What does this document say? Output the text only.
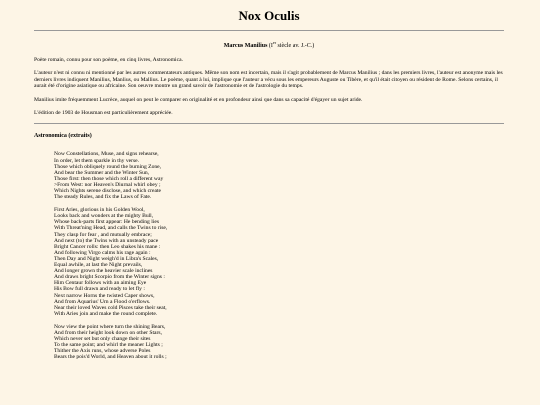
Nox Oculis
Marcus Manilius (Ier siècle av. J.-C.)

Poète romain, connu pour son poème, en cinq livres, Astronomica.

L'auteur n'est ni connu ni mentionné par les autres commentateurs antiques. Même son nom est incertain, mais il s'agit probablement de Marcus Manilius ; dans les premiers livres, l'auteur est anonyme mais les derniers livres indiquent Manilius, Manlius, ou Mallius. Le poème, quant à lui, implique que l'auteur a vécu sous les empereurs Auguste ou Tibère, et qu'il était citoyen ou résident de Rome. Selons certains, il aurait été d'origine asiatique ou africaine. Son oeuvre montre un grand savoir de l'astronomie et de l'astrologie du temps.

Manilius imite fréquemment Lucrèce, auquel on peut le comparer en originalité et en profondeur ainsi que dans sa capacité d'égayer un sujet aride.

L'édition de 1903 de Housman est particulièrement appréciée.

Astronomica (extraits)
Now Constellations, Muse, and signs rehearse,
In order, let them sparkle in thy verse.
Those which obliquely round the burning Zone,
And bear the Summer and the Winter Sun,
Those first: then those which roll a different way
>From West: nor Heaven's Diurnal whirl obey ;
Which Nights serene disclose, and which create
The steady Rules, and fix the Laws of Fate.
First Aries, glorious in his Golden Wool,
Looks back and wonders at the mighty Bull,
Whose back-parts first appear: He bending lies
With Threat'ning Head, and calls the Twins to rise,
They clasp for fear , and mutually embrace;
And next (to) the Twins with an unsteady pace
Bright Cancer rolls: then Leo shakes his mane :
And following Virgo calms his rage again :
Then Day and Night weigh'd in Libra's Scales,
Equal awhile, at last the Night prevails,
And longer grown the heavier scale inclines
And draws bright Scorpio from the Winter signs :
Him Centaur follows with an aiming Eye
His Bow full drawn and ready to let fly :
Next narrow Horns the twisted Caper shows,
And from Aquarius' Urn a Flood o'erflows.
Near their loved Waves cold Pisces take their seat,
With Aries join and make the round complete.
Now view the point where turn the shining Bears,
And from their height look down on other Stars,
Which never set but only change their sites
To the same point; and whirl the meaner Lights ;
Thither the Axis runs, whose adverse Poles
Bears the pois'd World, and Heaven about it rolls ;
